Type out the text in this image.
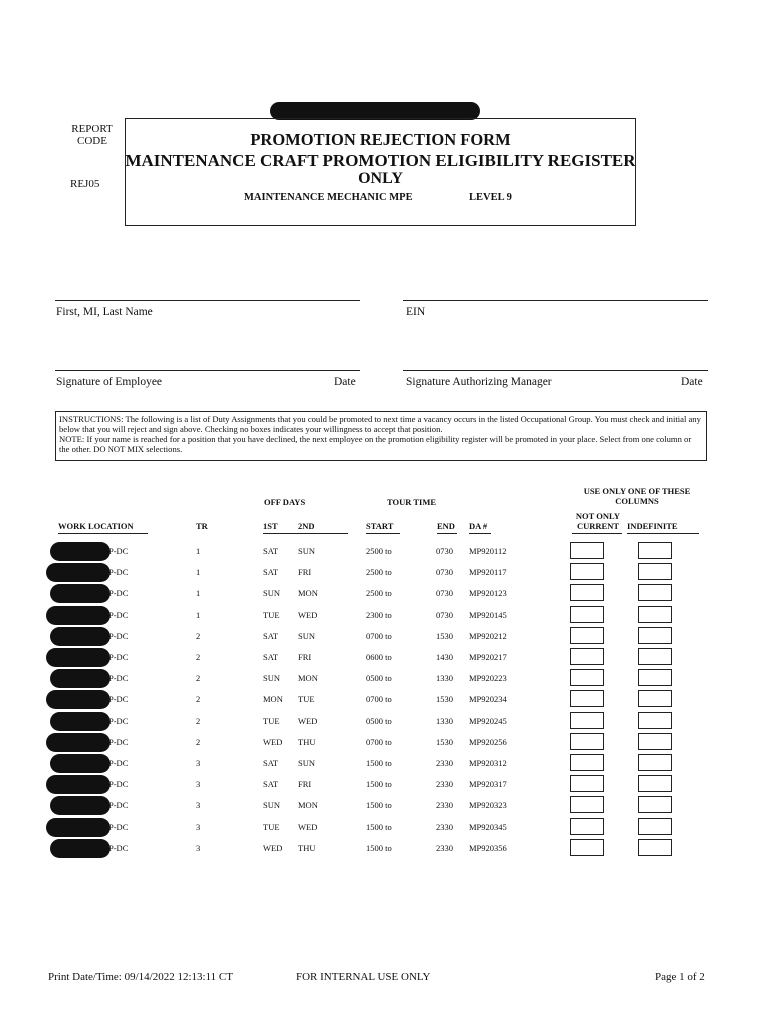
REPORT CODE
REJ05
PROMOTION REJECTION FORM
MAINTENANCE CRAFT PROMOTION ELIGIBILITY REGISTER
ONLY
MAINTENANCE MECHANIC MPE	LEVEL 9
First, MI, Last Name	EIN
Signature of Employee	Date	Signature Authorizing Manager	Date

INSTRUCTIONS: The following is a list of Duty Assignments that you could be promoted to next time a vacancy occurs in the listed Occupational Group. You must check and initial any below that you will reject and sign above. Checking no boxes indicates your willingness to accept that position.

NOTE: If your name is reached for a position that you have declined, the next employee on the promotion eligibility register will be promoted in your place. Select from one column or the other. DO NOT MIX selections.

OFF DAYS	TOUR TIME
USE ONLY ONE OF THESE COLUMNS
WORK LOCATION	TR	1ST 2ND	START	END DA #
NOT ONLY CURRENT INDEFINITE
P-DC	1	SAT SUN	2500 to	0730 MP920112
P-DC	1	SAT FRI	2500 to	0730 MP920117
P-DC	1	SUN MON	2500 to	0730 MP920123
P-DC	1	TUE WED	2300 to	0730 MP920145
P-DC	2	SAT SUN	0700 to	1530 MP920212
P-DC	2	SAT FRI	0600 to	1430 MP920217
P-DC	2	SUN MON	0500 to	1330 MP920223
P-DC	2	MON TUE	0700 to	1530 MP920234
P-DC	2	TUE WED	0500 to	1330 MP920245
P-DC	2	WED THU	0700 to	1530 MP920256
P-DC	3	SAT SUN	1500 to	2330 MP920312
P-DC	3	SAT FRI	1500 to	2330 MP920317
P-DC	3	SUN MON	1500 to	2330 MP920323
P-DC	3	TUE WED	1500 to	2330 MP920345
P-DC	3	WED THU	1500 to	2330 MP920356
Print Date/Time: 09/14/2022 12:13:11 CT	FOR INTERNAL USE ONLY	Page 1 of 2
